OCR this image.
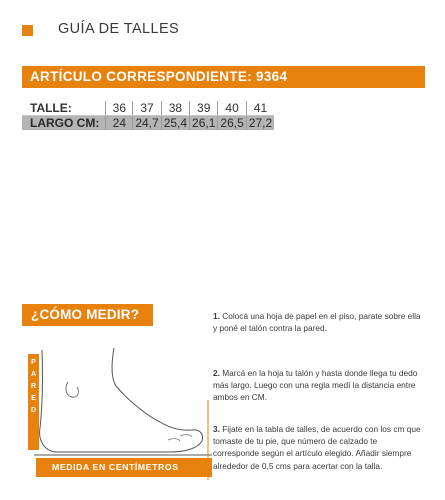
GUÍA DE TALLES
ARTÍCULO CORRESPONDIENTE: 9364
TALLE:	36	37	38	39	40	41
LARGO CM:	24	24,7	25,4	26,1	26,5	27,2
¿CÓMO MEDIR?
P
A
R
E
D
MEDIDA EN CENTÍMETROS
1. Colocá una hoja de papel en el piso, parate sobre ella y poné el talón contra la pared.
2. Marcá en la hoja tu talón y hasta donde llega tu dedo más largo. Luego con una regla medí la distancia entre ambos en CM.
3. Fijate en la tabla de talles, de acuerdo con los cm que tomaste de tu pie, que número de calzado te corresponde según el artículo elegido. Añadir siempre alrededor de 0,5 cms para acertar con la talla.
